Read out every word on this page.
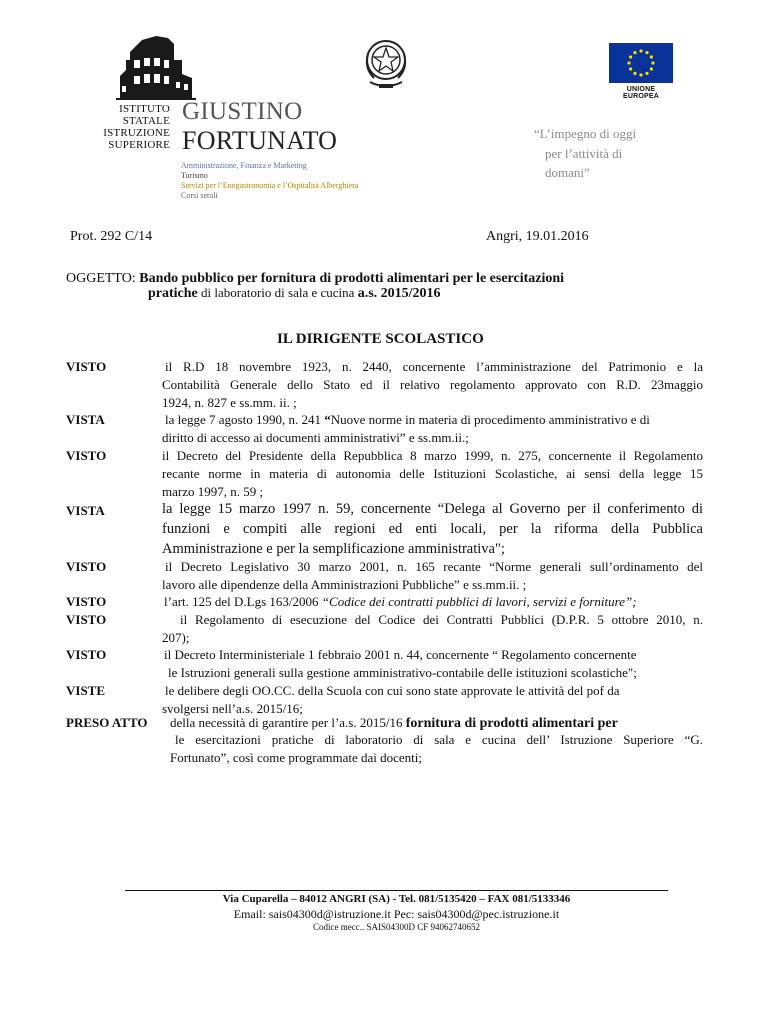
ISTITUTO
STATALE
ISTRUZIONE
SUPERIORE
GIUSTINO
FORTUNATO
Amministrazione, Finanza e Marketing
Turismo
Servizi per l’Enogastronomia e l’Ospitalità Alberghiera
Corsi serali
UNIONE EUROPEA
“L’impegno di oggi
per l’attività di
domani”
Prot. 292 C/14	Angri, 19.01.2016
OGGETTO: Bando pubblico per fornitura di prodotti alimentari per le esercitazioni
pratiche di laboratorio di sala e cucina a.s. 2015/2016
IL DIRIGENTE SCOLASTICO
VISTO	il R.D 18 novembre 1923, n. 2440, concernente l’amministrazione del Patrimonio e la
Contabilità Generale dello Stato ed il relativo regolamento approvato con R.D. 23maggio
1924, n. 827 e ss.mm. ii. ;
VISTA	la legge 7 agosto 1990, n. 241 “Nuove norme in materia di procedimento amministrativo e di
diritto di accesso ai documenti amministrativi” e ss.mm.ii.;
VISTO	il Decreto del Presidente della Repubblica 8 marzo 1999, n. 275, concernente il Regolamento
recante norme in materia di autonomia delle Istituzioni Scolastiche, ai sensi della legge 15
marzo 1997, n. 59 ;
VISTA	la legge 15 marzo 1997 n. 59, concernente “Delega al Governo per il conferimento di
funzioni e compiti alle regioni ed enti locali, per la riforma della Pubblica
Amministrazione e per la semplificazione amministrativa";
VISTO	il Decreto Legislativo 30 marzo 2001, n. 165 recante “Norme generali sull’ordinamento del
lavoro alle dipendenze della Amministrazioni Pubbliche” e ss.mm.ii. ;
VISTO	l’art. 125 del D.Lgs 163/2006 “Codice dei contratti pubblici di lavori, servizi e forniture”;
VISTO	il Regolamento di esecuzione del Codice dei Contratti Pubblici (D.P.R. 5 ottobre 2010, n.
207);
VISTO	il Decreto Interministeriale 1 febbraio 2001 n. 44, concernente “ Regolamento concernente
le Istruzioni generali sulla gestione amministrativo-contabile delle istituzioni scolastiche";
VISTE	le delibere degli OO.CC. della Scuola con cui sono state approvate le attività del pof da
svolgersi nell’a.s. 2015/16;
PRESO ATTO della necessità di garantire per l’a.s. 2015/16 fornitura di prodotti alimentari per
le esercitazioni pratiche di laboratorio di sala e cucina dell’ Istruzione Superiore “G.
Fortunato”, così come programmate dai docenti;
Via Cuparella – 84012 ANGRI (SA) - Tel. 081/5135420 – FAX 081/5133346
Email: sais04300d@istruzione.it Pec: sais04300d@pec.istruzione.it
Codice mecc.. SAIS04300D CF 94062740652
